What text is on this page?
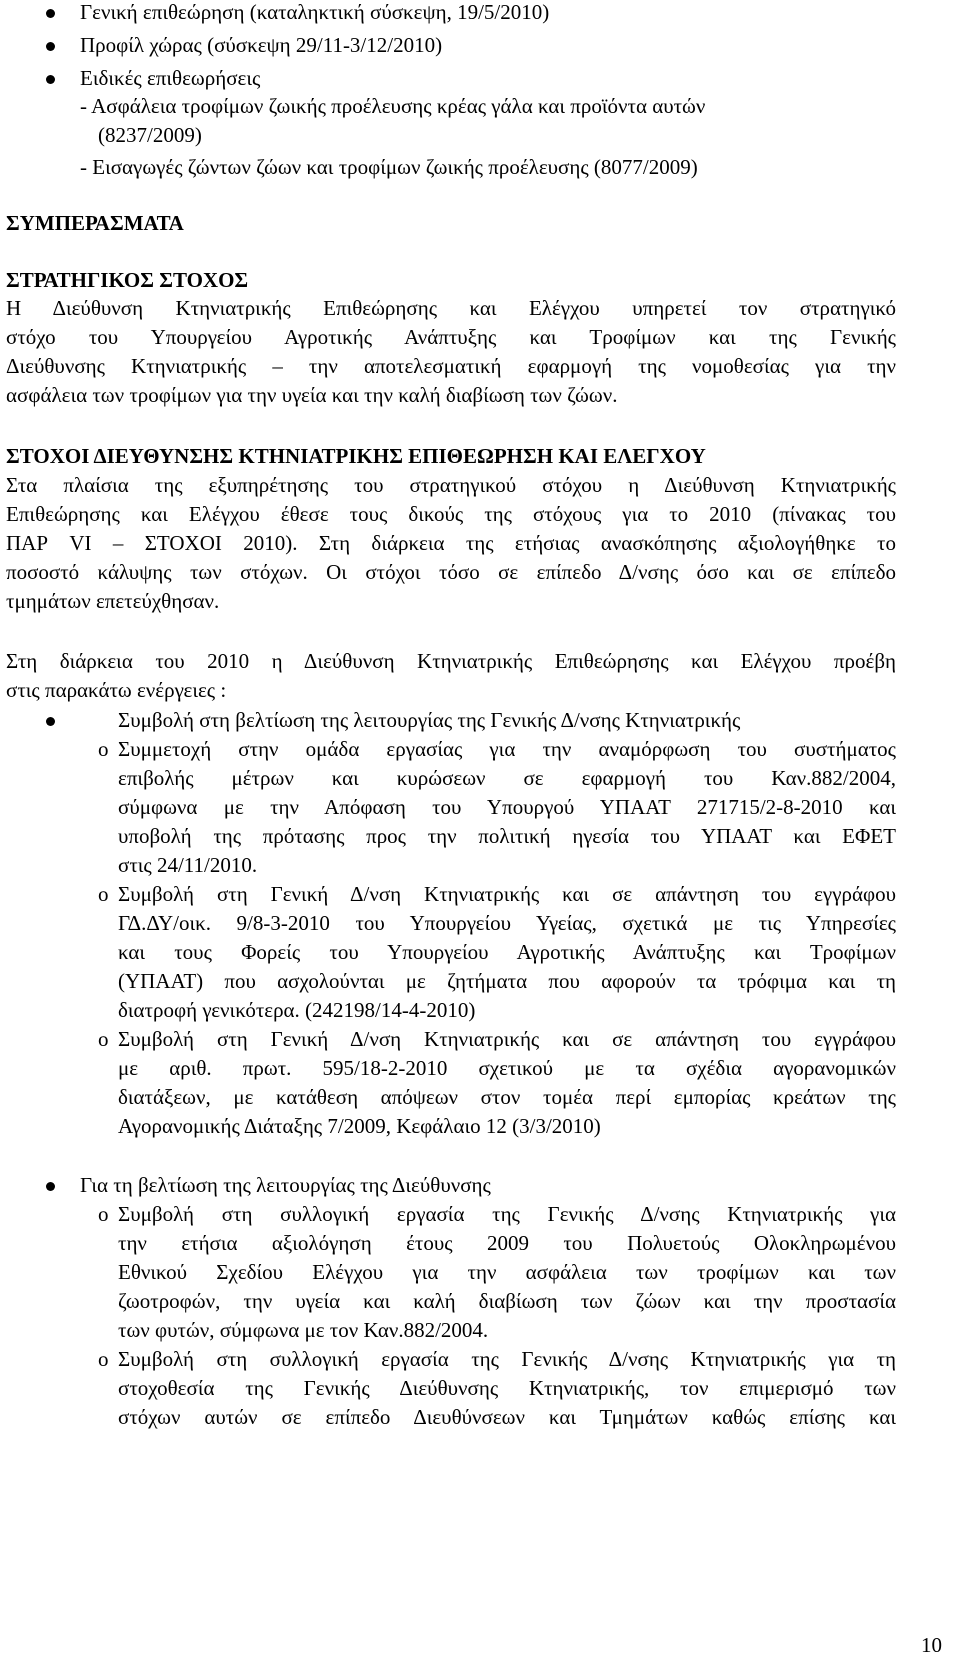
Γενική επιθεώρηση (καταληκτική σύσκεψη, 19/5/2010)
Προφίλ χώρας (σύσκεψη 29/11-3/12/2010)
Ειδικές επιθεωρήσεις
- Ασφάλεια τροφίμων ζωικής προέλευσης κρέας γάλα και προϊόντα αυτών
(8237/2009)
- Εισαγωγές ζώντων ζώων και τροφίμων ζωικής προέλευσης (8077/2009)
ΣΥΜΠΕΡΑΣΜΑΤΑ
ΣΤΡΑΤΗΓΙΚΟΣ ΣΤΟΧΟΣ
Η Διεύθυνση Κτηνιατρικής Επιθεώρησης και Ελέγχου υπηρετεί τον στρατηγικό
στόχο του Υπουργείου Αγροτικής Ανάπτυξης και Τροφίμων και της Γενικής
Διεύθυνσης Κτηνιατρικής – την αποτελεσματική εφαρμογή της νομοθεσίας για την
ασφάλεια των τροφίμων για την υγεία και την καλή διαβίωση των ζώων.
ΣΤΟΧΟΙ ΔΙΕΥΘΥΝΣΗΣ ΚΤΗΝΙΑΤΡΙΚΗΣ ΕΠΙΘΕΩΡΗΣΗ ΚΑΙ ΕΛΕΓΧΟΥ
Στα πλαίσια της εξυπηρέτησης του στρατηγικού στόχου η Διεύθυνση Κτηνιατρικής
Επιθεώρησης και Ελέγχου έθεσε τους δικούς της στόχους για το 2010 (πίνακας του
ΠΑΡ VI – ΣΤΟΧΟΙ 2010). Στη διάρκεια της ετήσιας ανασκόπησης αξιολογήθηκε το
ποσοστό κάλυψης των στόχων. Οι στόχοι τόσο σε επίπεδο Δ/νσης όσο και σε επίπεδο
τμημάτων επετεύχθησαν.
Στη διάρκεια του 2010 η Διεύθυνση Κτηνιατρικής Επιθεώρησης και Ελέγχου προέβη
στις παρακάτω ενέργειες :
Συμβολή στη βελτίωση της λειτουργίας της Γενικής Δ/νσης Κτηνιατρικής
o Συμμετοχή στην ομάδα εργασίας για την αναμόρφωση του συστήματος
επιβολής μέτρων και κυρώσεων σε εφαρμογή του Καν.882/2004,
σύμφωνα με την Απόφαση του Υπουργού ΥΠΑΑΤ 271715/2-8-2010 και
υποβολή της πρότασης προς την πολιτική ηγεσία του ΥΠΑΑΤ και ΕΦΕΤ
στις 24/11/2010.
o Συμβολή στη Γενική Δ/νση Κτηνιατρικής και σε απάντηση του εγγράφου
ΓΔ.ΔΥ/οικ. 9/8-3-2010 του Υπουργείου Υγείας, σχετικά με τις Υπηρεσίες
και τους Φορείς του Υπουργείου Αγροτικής Ανάπτυξης και Τροφίμων
(ΥΠΑΑΤ) που ασχολούνται με ζητήματα που αφορούν τα τρόφιμα και τη
διατροφή γενικότερα. (242198/14-4-2010)
o Συμβολή στη Γενική Δ/νση Κτηνιατρικής και σε απάντηση του εγγράφου
με αριθ. πρωτ. 595/18-2-2010 σχετικού με τα σχέδια αγορανομικών
διατάξεων, με κατάθεση απόψεων στον τομέα περί εμπορίας κρεάτων της
Αγορανομικής Διάταξης 7/2009, Κεφάλαιο 12 (3/3/2010)
Για τη βελτίωση της λειτουργίας της Διεύθυνσης
o Συμβολή στη συλλογική εργασία της Γενικής Δ/νσης Κτηνιατρικής για
την ετήσια αξιολόγηση έτους 2009 του Πολυετούς Ολοκληρωμένου
Εθνικού Σχεδίου Ελέγχου για την ασφάλεια των τροφίμων και των
ζωοτροφών, την υγεία και καλή διαβίωση των ζώων και την προστασία
των φυτών, σύμφωνα με τον Καν.882/2004.
o Συμβολή στη συλλογική εργασία της Γενικής Δ/νσης Κτηνιατρικής για τη
στοχοθεσία της Γενικής Διεύθυνσης Κτηνιατρικής, τον επιμερισμό των
στόχων αυτών σε επίπεδο Διευθύνσεων και Τμημάτων καθώς επίσης και
10
